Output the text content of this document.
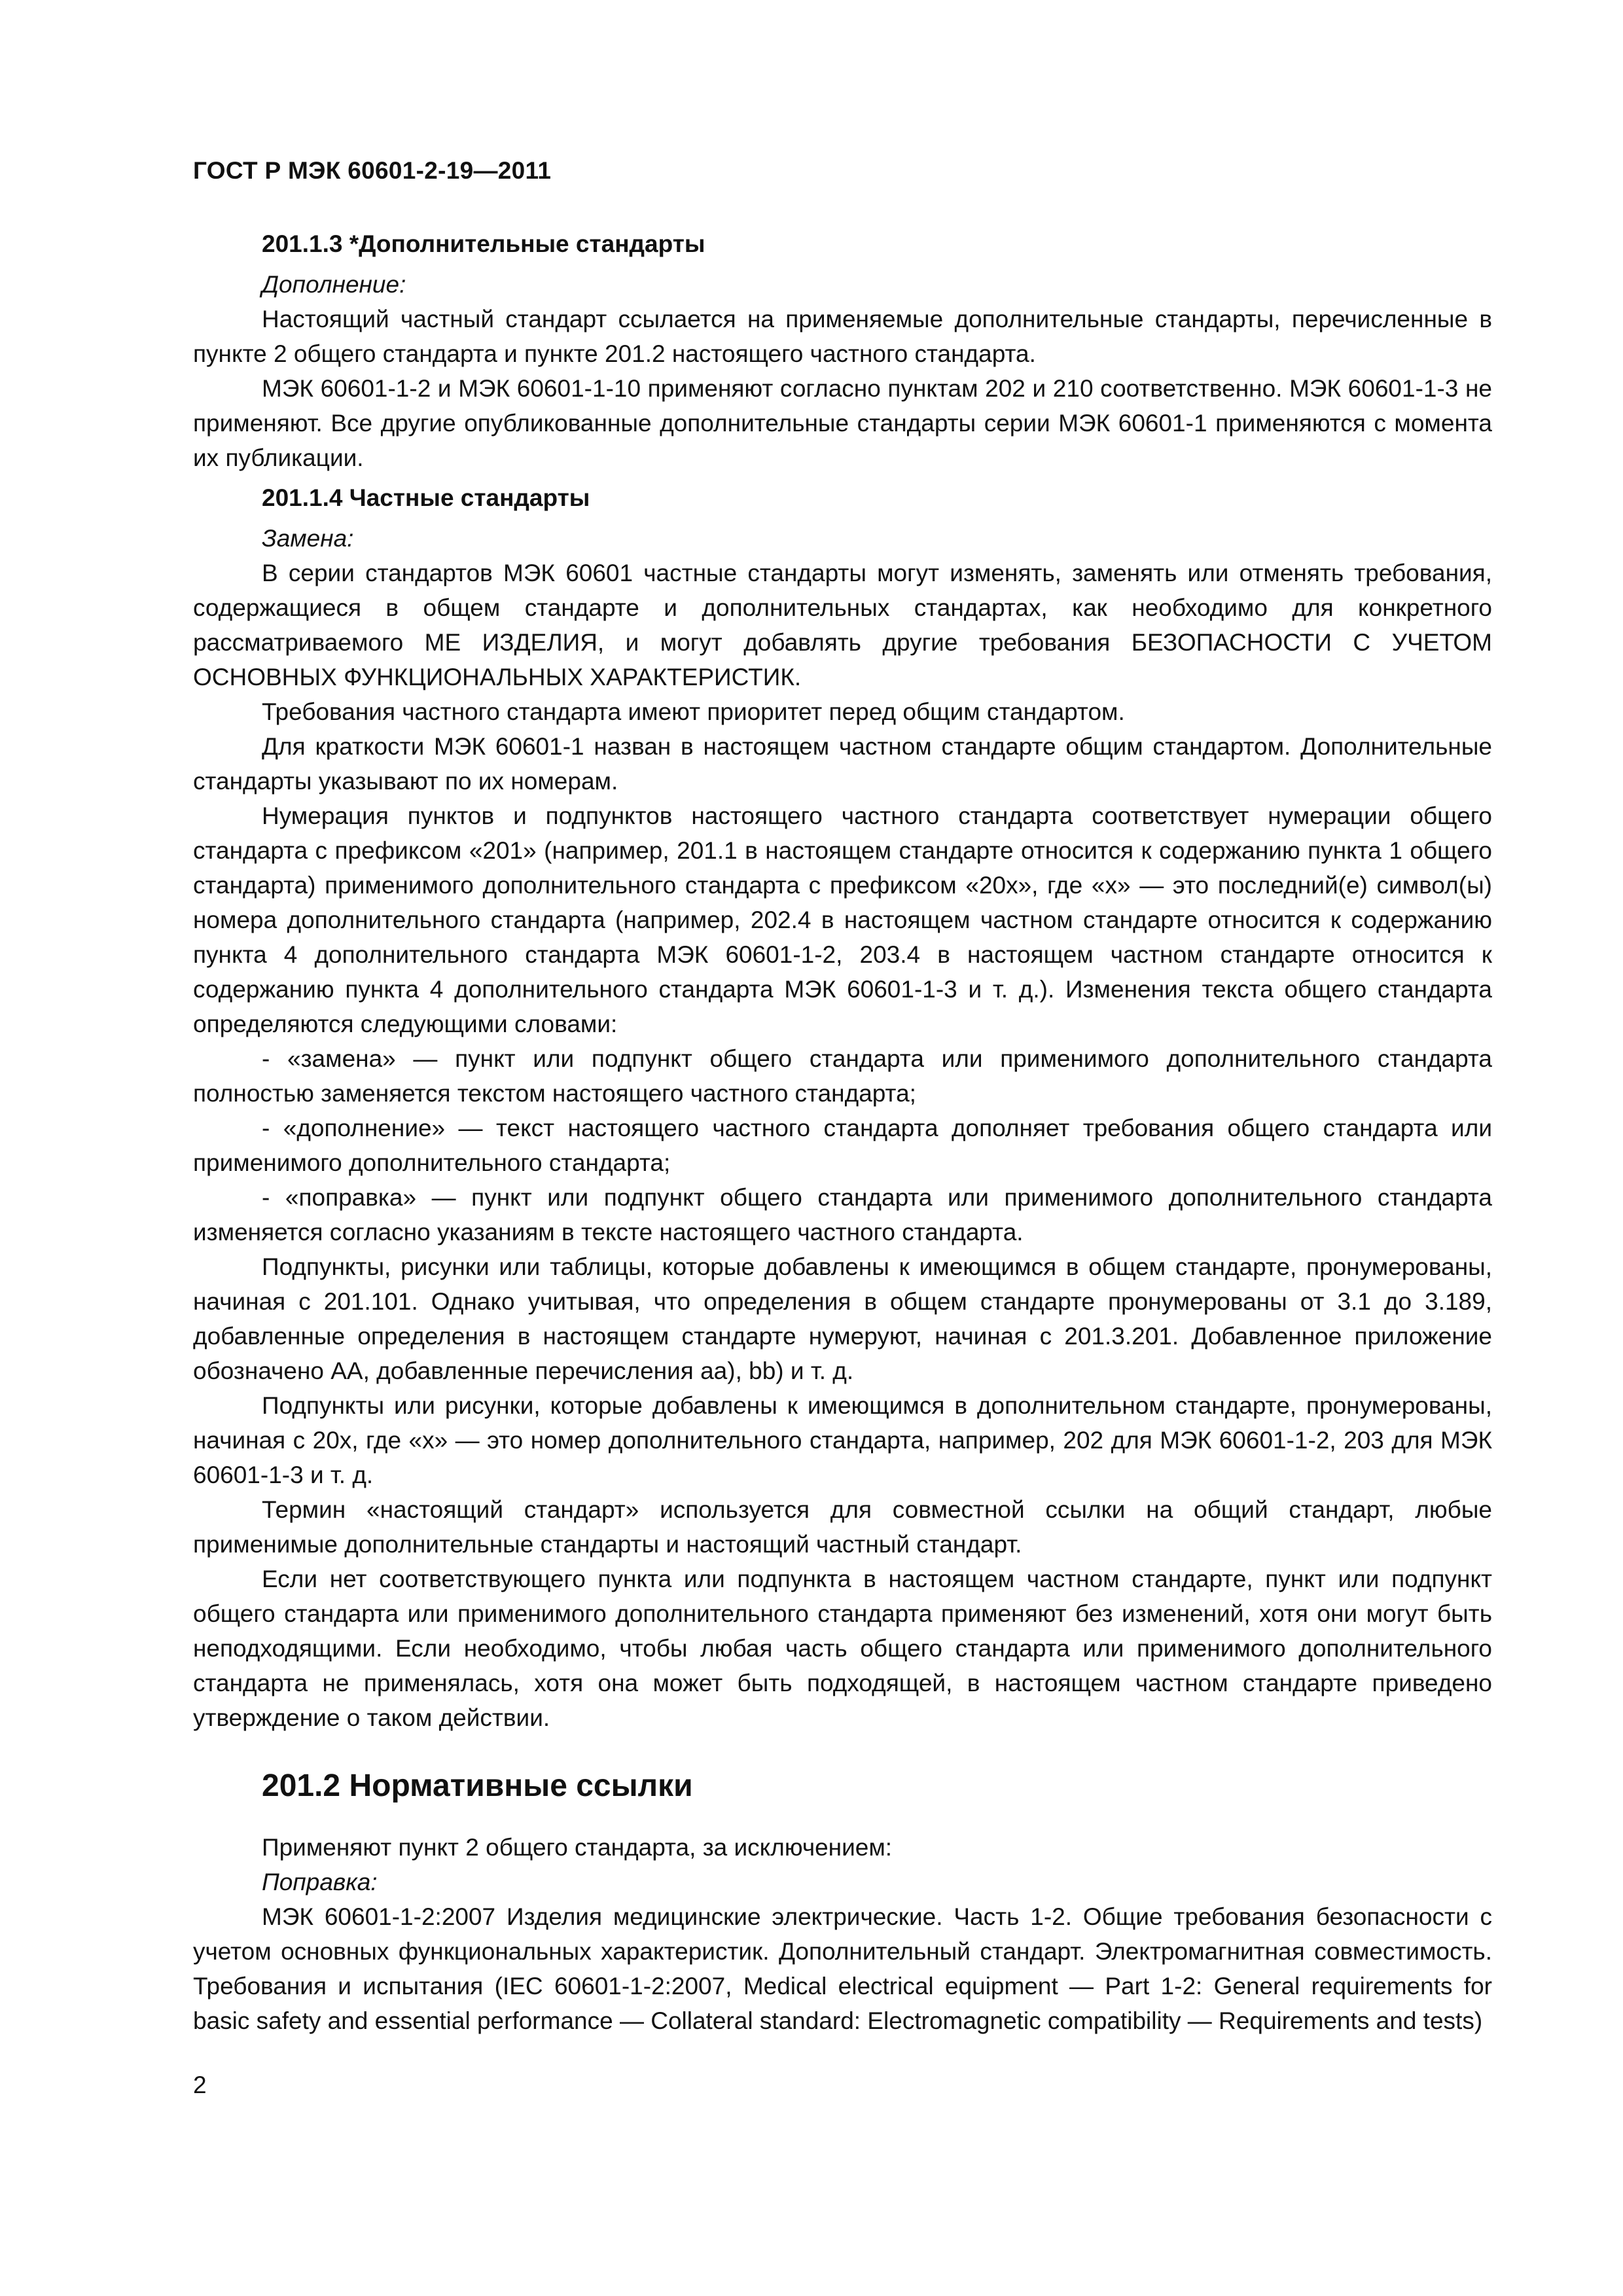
ГОСТ Р МЭК 60601-2-19—2011

201.1.3 *Дополнительные стандарты

Дополнение:

Настоящий частный стандарт ссылается на применяемые дополнительные стандарты, перечисленные в пункте 2 общего стандарта и пункте 201.2 настоящего частного стандарта.

МЭК 60601-1-2 и МЭК 60601-1-10 применяют согласно пунктам 202 и 210 соответственно. МЭК 60601-1-3 не применяют. Все другие опубликованные дополнительные стандарты серии МЭК 60601-1 применяются с момента их публикации.

201.1.4 Частные стандарты

Замена:

В серии стандартов МЭК 60601 частные стандарты могут изменять, заменять или отменять требования, содержащиеся в общем стандарте и дополнительных стандартах, как необходимо для конкретного рассматриваемого МЕ ИЗДЕЛИЯ, и могут добавлять другие требования БЕЗОПАСНОСТИ С УЧЕТОМ ОСНОВНЫХ ФУНКЦИОНАЛЬНЫХ ХАРАКТЕРИСТИК.

Требования частного стандарта имеют приоритет перед общим стандартом.

Для краткости МЭК 60601-1 назван в настоящем частном стандарте общим стандартом. Дополнительные стандарты указывают по их номерам.

Нумерация пунктов и подпунктов настоящего частного стандарта соответствует нумерации общего стандарта с префиксом «201» (например, 201.1 в настоящем стандарте относится к содержанию пункта 1 общего стандарта) применимого дополнительного стандарта с префиксом «20x», где «x» — это последний(е) символ(ы) номера дополнительного стандарта (например, 202.4 в настоящем частном стандарте относится к содержанию пункта 4 дополнительного стандарта МЭК 60601-1-2, 203.4 в настоящем частном стандарте относится к содержанию пункта 4 дополнительного стандарта МЭК 60601-1-3 и т. д.). Изменения текста общего стандарта определяются следующими словами:

- «замена» — пункт или подпункт общего стандарта или применимого дополнительного стандарта полностью заменяется текстом настоящего частного стандарта;

- «дополнение» — текст настоящего частного стандарта дополняет требования общего стандарта или применимого дополнительного стандарта;

- «поправка» — пункт или подпункт общего стандарта или применимого дополнительного стандарта изменяется согласно указаниям в тексте настоящего частного стандарта.

Подпункты, рисунки или таблицы, которые добавлены к имеющимся в общем стандарте, пронумерованы, начиная с 201.101. Однако учитывая, что определения в общем стандарте пронумерованы от 3.1 до 3.189, добавленные определения в настоящем стандарте нумеруют, начиная с 201.3.201. Добавленное приложение обозначено АА, добавленные перечисления аа), bb) и т. д.

Подпункты или рисунки, которые добавлены к имеющимся в дополнительном стандарте, пронумерованы, начиная с 20x, где «x» — это номер дополнительного стандарта, например, 202 для МЭК 60601-1-2, 203 для МЭК 60601-1-3 и т. д.

Термин «настоящий стандарт» используется для совместной ссылки на общий стандарт, любые применимые дополнительные стандарты и настоящий частный стандарт.

Если нет соответствующего пункта или подпункта в настоящем частном стандарте, пункт или подпункт общего стандарта или применимого дополнительного стандарта применяют без изменений, хотя они могут быть неподходящими. Если необходимо, чтобы любая часть общего стандарта или применимого дополнительного стандарта не применялась, хотя она может быть подходящей, в настоящем частном стандарте приведено утверждение о таком действии.

201.2 Нормативные ссылки

Применяют пункт 2 общего стандарта, за исключением:

Поправка:

МЭК 60601-1-2:2007 Изделия медицинские электрические. Часть 1-2. Общие требования безопасности с учетом основных функциональных характеристик. Дополнительный стандарт. Электромагнитная совместимость. Требования и испытания (IEC 60601-1-2:2007, Medical electrical equipment — Part 1-2: General requirements for basic safety and essential performance — Collateral standard: Electromagnetic compatibility — Requirements and tests)

2
